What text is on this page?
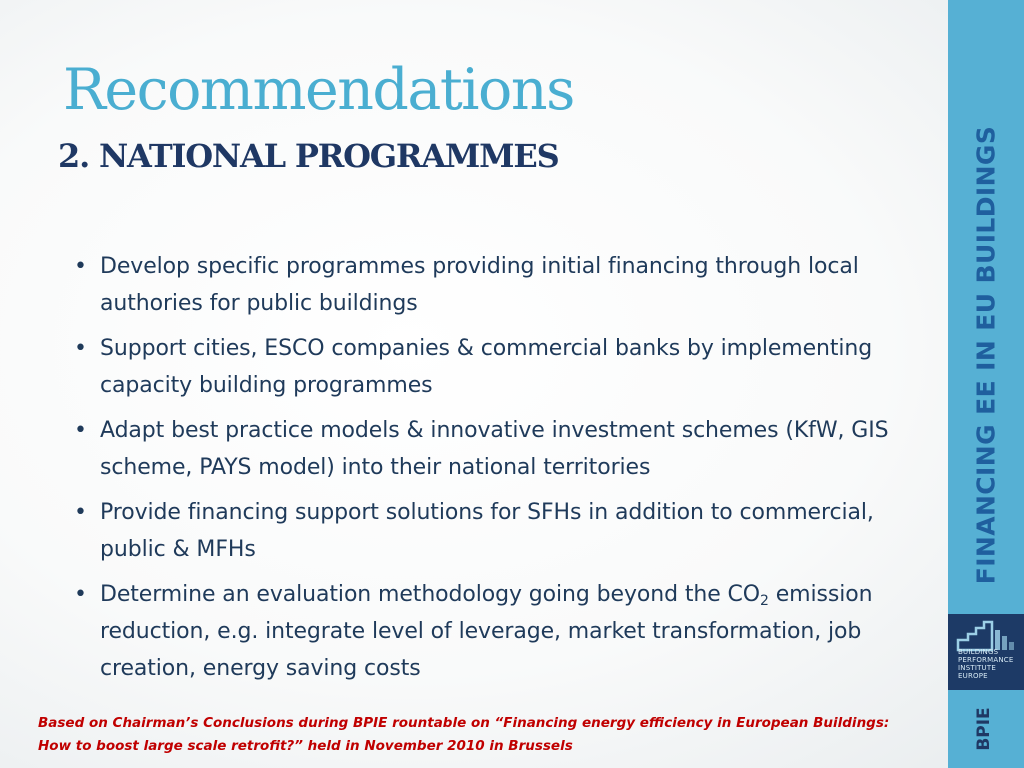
Recommendations
2. NATIONAL PROGRAMMES
• Develop specific programmes providing initial financing through local authories for public buildings
• Support cities, ESCO companies & commercial banks by implementing capacity building programmes
• Adapt best practice models & innovative investment schemes (KfW, GIS scheme, PAYS model) into their national territories
• Provide financing support solutions for SFHs in addition to commercial, public & MFHs
• Determine an evaluation methodology going beyond the $CO_2$ emission reduction, e.g. integrate level of leverage, market transformation, job creation, energy saving costs

Based on Chairman’s Conclusions during BPIE rountable on “Financing energy efficiency in European Buildings: How to boost large scale retrofit?” held in November 2010 in Brussels

FINANCING EE IN EU BUILDINGS
BUILDINGS
PERFORMANCE
INSTITUTE
EUROPE
BPIE
